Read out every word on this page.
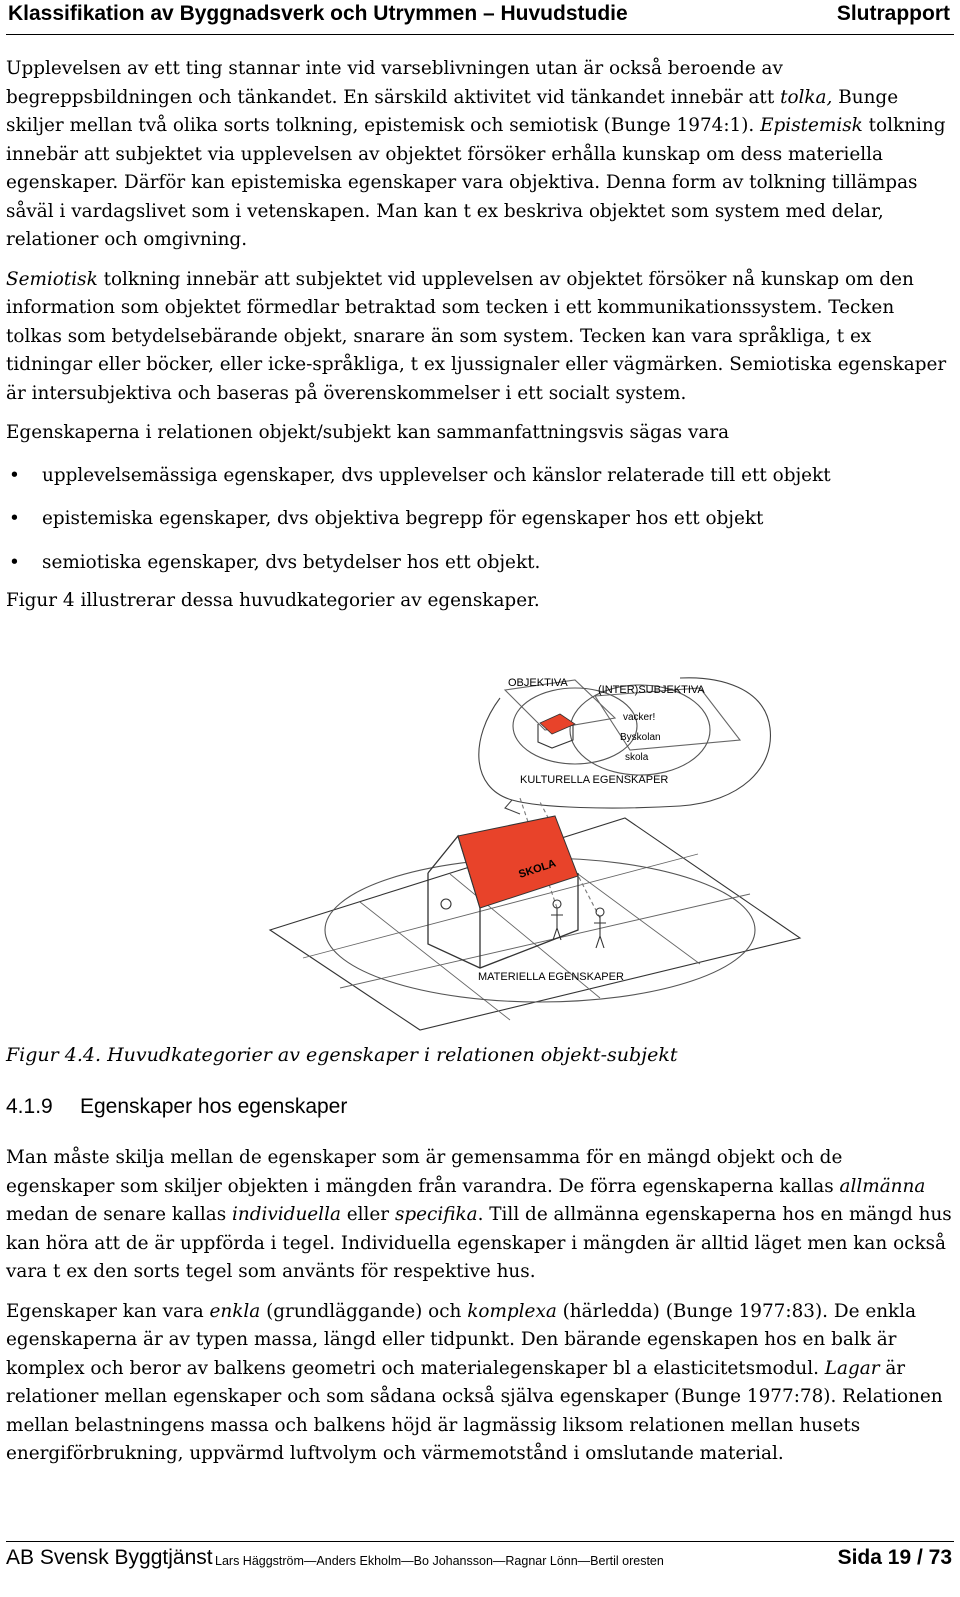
Klassifikation av Byggnadsverk och Utrymmen – Huvudstudie	Slutrapport

Upplevelsen av ett ting stannar inte vid varseblivningen utan är också beroende av begreppsbildningen och tänkandet. En särskild aktivitet vid tänkandet innebär att tolka, Bunge skiljer mellan två olika sorts tolkning, epistemisk och semiotisk (Bunge 1974:1). Epistemisk tolkning innebär att subjektet via upplevelsen av objektet försöker erhålla kunskap om dess materiella egenskaper. Därför kan epistemiska egenskaper vara objektiva. Denna form av tolkning tillämpas såväl i vardagslivet som i vetenskapen. Man kan t ex beskriva objektet som system med delar, relationer och omgivning.

Semiotisk tolkning innebär att subjektet vid upplevelsen av objektet försöker nå kunskap om den information som objektet förmedlar betraktad som tecken i ett kommunikationssystem. Tecken tolkas som betydelsebärande objekt, snarare än som system. Tecken kan vara språkliga, t ex tidningar eller böcker, eller icke-språkliga, t ex ljussignaler eller vägmärken. Semiotiska egenskaper är intersubjektiva och baseras på överenskommelser i ett socialt system.

Egenskaperna i relationen objekt/subjekt kan sammanfattningsvis sägas vara

• upplevelsemässiga egenskaper, dvs upplevelser och känslor relaterade till ett objekt
• epistemiska egenskaper, dvs objektiva begrepp för egenskaper hos ett objekt
• semiotiska egenskaper, dvs betydelser hos ett objekt.

Figur 4 illustrerar dessa huvudkategorier av egenskaper.

OBJEKTIVA
(INTER)SUBJEKTIVA
vacker!
Byskolan
skola
KULTURELLA EGENSKAPER
SKOLA
MATERIELLA EGENSKAPER
Figur 4.4. Huvudkategorier av egenskaper i relationen objekt-subjekt
4.1.9 Egenskaper hos egenskaper

Man måste skilja mellan de egenskaper som är gemensamma för en mängd objekt och de egenskaper som skiljer objekten i mängden från varandra. De förra egenskaperna kallas allmänna medan de senare kallas individuella eller specifika. Till de allmänna egenskaperna hos en mängd hus kan höra att de är uppförda i tegel. Individuella egenskaper i mängden är alltid läget men kan också vara t ex den sorts tegel som använts för respektive hus.

Egenskaper kan vara enkla (grundläggande) och komplexa (härledda) (Bunge 1977:83). De enkla egenskaperna är av typen massa, längd eller tidpunkt. Den bärande egenskapen hos en balk är komplex och beror av balkens geometri och materialegenskaper bl a elasticitetsmodul. Lagar är relationer mellan egenskaper och som sådana också själva egenskaper (Bunge 1977:78). Relationen mellan belastningens massa och balkens höjd är lagmässig liksom relationen mellan husets energiförbrukning, uppvärmd luftvolym och värmemotstånd i omslutande material.

AB Svensk Byggtjänst Lars Häggström—Anders Ekholm—Bo Johansson—Ragnar Lönn—Bertil oresten	Sida 19 / 73
